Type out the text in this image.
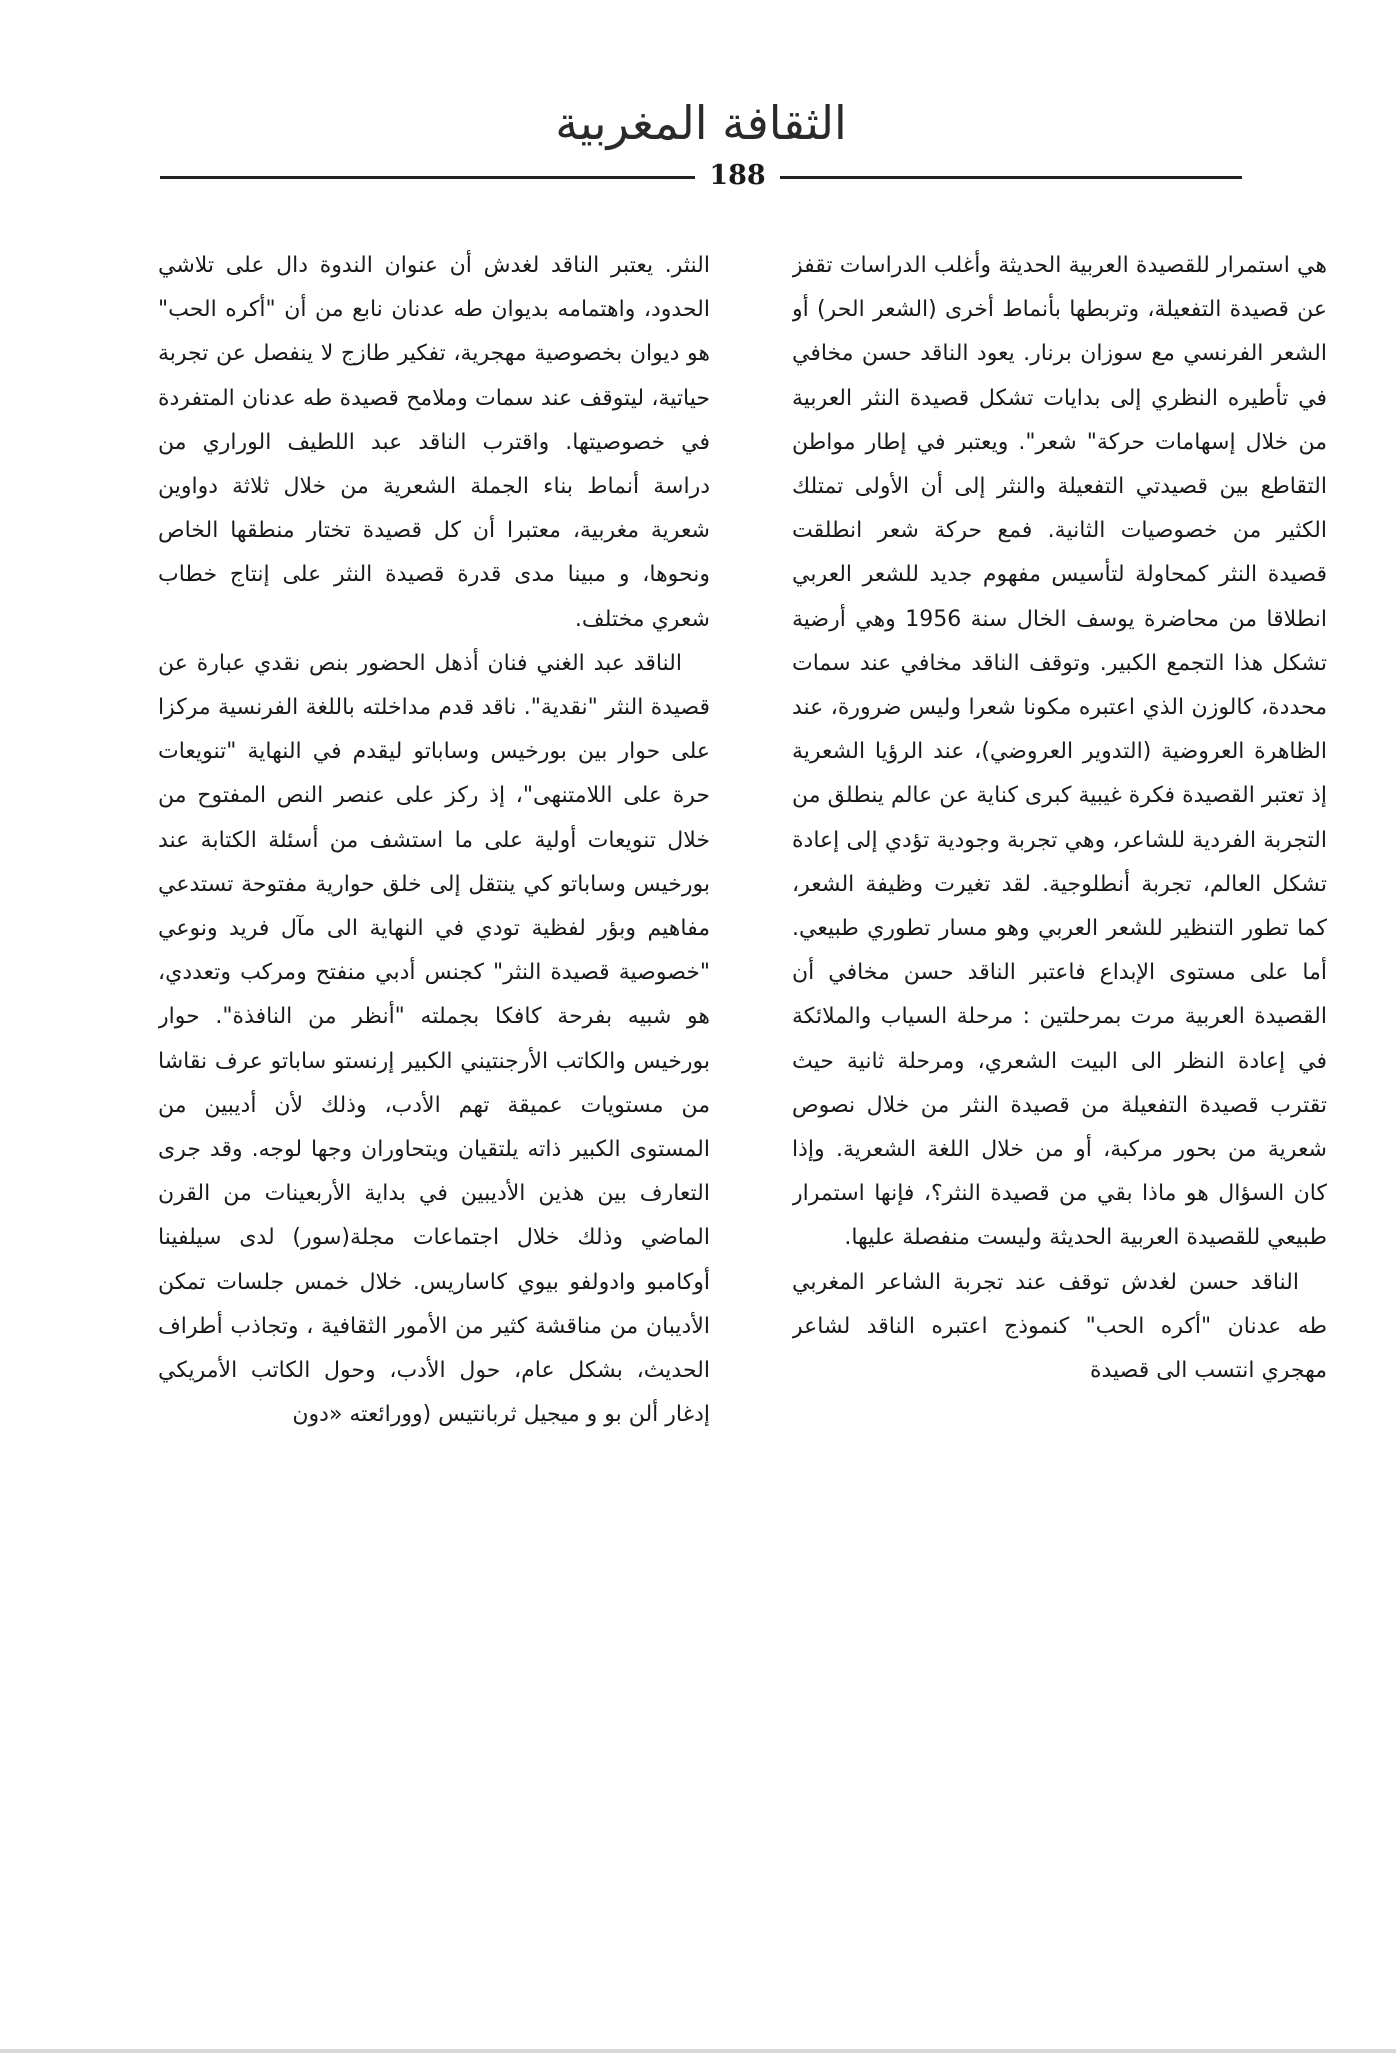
الثقافة المغربية
188

هي استمرار للقصيدة العربية الحديثة وأغلب الدراسات تقفز عن قصيدة التفعيلة، وتربطها بأنماط أخرى (الشعر الحر) أو الشعر الفرنسي مع سوزان برنار. يعود الناقد حسن مخافي في تأطيره النظري إلى بدايات تشكل قصيدة النثر العربية من خلال إسهامات حركة" شعر". ويعتبر في إطار مواطن التقاطع بين قصيدتي التفعيلة والنثر إلى أن الأولى تمتلك الكثير من خصوصيات الثانية. فمع حركة شعر انطلقت قصيدة النثر كمحاولة لتأسيس مفهوم جديد للشعر العربي انطلاقا من محاضرة يوسف الخال سنة 1956 وهي أرضية تشكل هذا التجمع الكبير. وتوقف الناقد مخافي عند سمات محددة، كالوزن الذي اعتبره مكونا شعرا وليس ضرورة، عند الظاهرة العروضية (التدوير العروضي)، عند الرؤيا الشعرية إذ تعتبر القصيدة فكرة غيبية كبرى كناية عن عالم ينطلق من التجربة الفردية للشاعر، وهي تجربة وجودية تؤدي إلى إعادة تشكل العالم، تجربة أنطلوجية. لقد تغيرت وظيفة الشعر، كما تطور التنظير للشعر العربي وهو مسار تطوري طبيعي. أما على مستوى الإبداع فاعتبر الناقد حسن مخافي أن القصيدة العربية مرت بمرحلتين : مرحلة السياب والملائكة في إعادة النظر الى البيت الشعري، ومرحلة ثانية حيث تقترب قصيدة التفعيلة من قصيدة النثر من خلال نصوص شعرية من بحور مركبة، أو من خلال اللغة الشعرية. وإذا كان السؤال هو ماذا بقي من قصيدة النثر؟، فإنها استمرار طبيعي للقصيدة العربية الحديثة وليست منفصلة عليها.

الناقد حسن لغدش توقف عند تجربة الشاعر المغربي طه عدنان "أكره الحب" كنموذج اعتبره الناقد لشاعر مهجري انتسب الى قصيدة

النثر. يعتبر الناقد لغدش أن عنوان الندوة دال على تلاشي الحدود، واهتمامه بديوان طه عدنان نابع من أن "أكره الحب" هو ديوان بخصوصية مهجرية، تفكير طازج لا ينفصل عن تجربة حياتية، ليتوقف عند سمات وملامح قصيدة طه عدنان المتفردة في خصوصيتها. واقترب الناقد عبد اللطيف الوراري من دراسة أنماط بناء الجملة الشعرية من خلال ثلاثة دواوين شعرية مغربية، معتبرا أن كل قصيدة تختار منطقها الخاص ونحوها، و مبينا مدى قدرة قصيدة النثر على إنتاج خطاب شعري مختلف.

الناقد عبد الغني فنان أذهل الحضور بنص نقدي عبارة عن قصيدة النثر "نقدية". ناقد قدم مداخلته باللغة الفرنسية مركزا على حوار بين بورخيس وساباتو ليقدم في النهاية "تنويعات حرة على اللامتنهى"، إذ ركز على عنصر النص المفتوح من خلال تنويعات أولية على ما استشف من أسئلة الكتابة عند بورخيس وساباتو كي ينتقل إلى خلق حوارية مفتوحة تستدعي مفاهيم وبؤر لفظية تودي في النهاية الى مآل فريد ونوعي "خصوصية قصيدة النثر" كجنس أدبي منفتح ومركب وتعددي، هو شبيه بفرحة كافكا بجملته "أنظر من النافذة". حوار بورخيس والكاتب الأرجنتيني الكبير إرنستو ساباتو عرف نقاشا من مستويات عميقة تهم الأدب، وذلك لأن أديبين من المستوى الكبير ذاته يلتقيان ويتحاوران وجها لوجه. وقد جرى التعارف بين هذين الأديبين في بداية الأربعينات من القرن الماضي وذلك خلال اجتماعات مجلة(سور) لدى سيلفينا أوكامبو وادولفو بيوي كاساريس. خلال خمس جلسات تمكن الأديبان من مناقشة كثير من الأمور الثقافية ، وتجاذب أطراف الحديث، بشكل عام، حول الأدب، وحول الكاتب الأمريكي إدغار ألن بو و ميجيل ثربانتيس (وورائعته «دون
